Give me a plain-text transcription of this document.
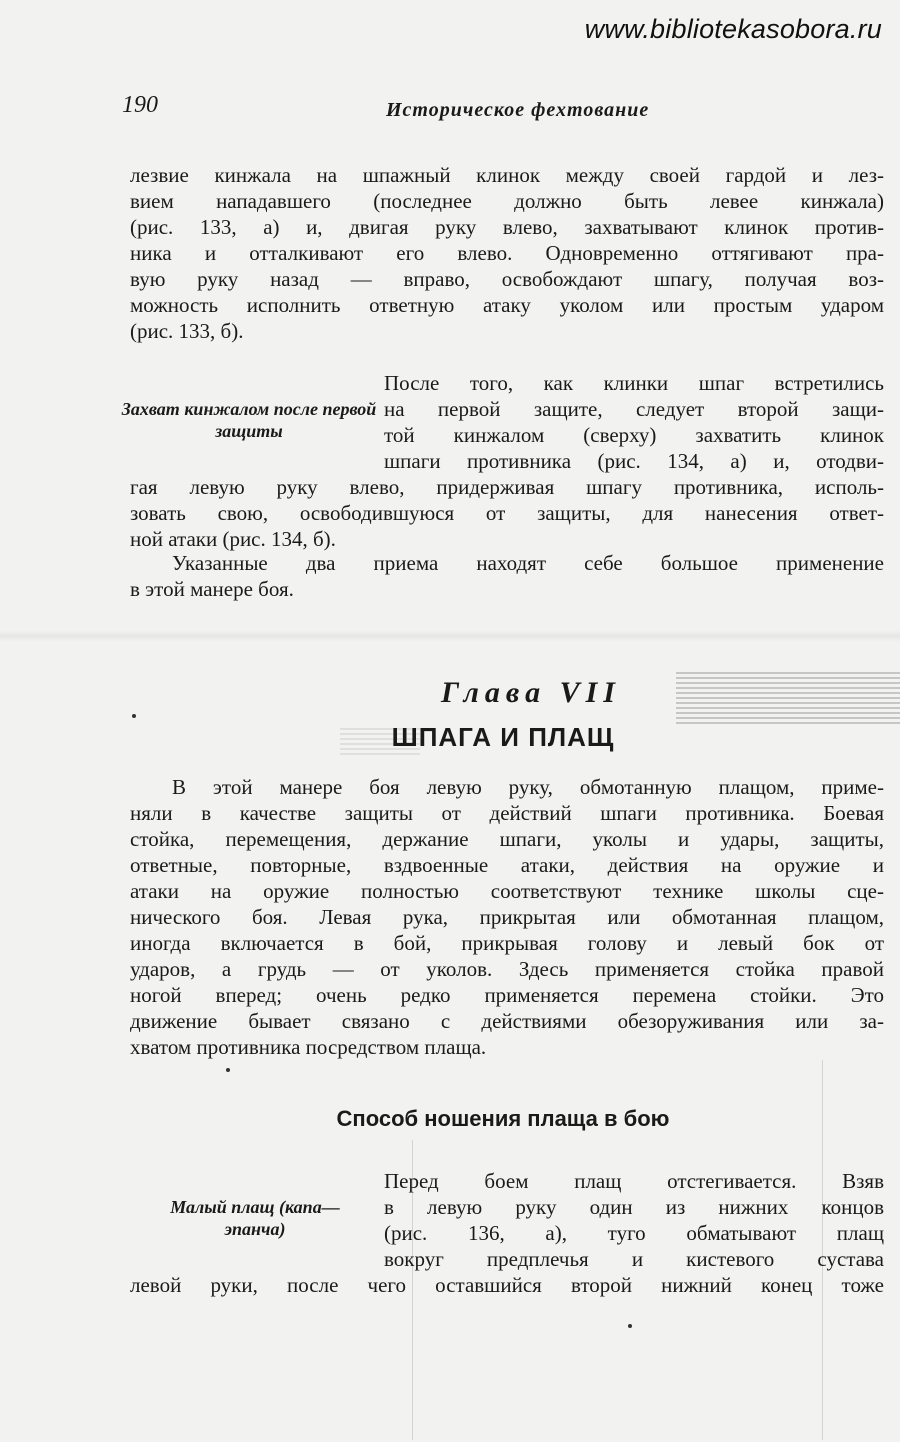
www.bibliotekasobora.ru
190	Историческое фехтование
лезвие кинжала на шпажный клинок между своей гардой и лез-
вием нападавшего (последнее должно быть левее кинжала)
(рис. 133, а) и, двигая руку влево, захватывают клинок против-
ника и отталкивают его влево. Одновременно оттягивают пра-
вую руку назад — вправо, освобождают шпагу, получая воз-
можность исполнить ответную атаку уколом или простым ударом
(рис. 133, б).
Захват кинжалом после первой защиты
После того, как клинки шпаг встретились
на первой защите, следует второй защи-
той кинжалом (сверху) захватить клинок
шпаги противника (рис. 134, а) и, отодви-
гая левую руку влево, придерживая шпагу противника, исполь-
зовать свою, освободившуюся от защиты, для нанесения ответ-
ной атаки (рис. 134, б).
Указанные два приема находят себе большое применение
в этой манере боя.
Глава VII
ШПАГА И ПЛАЩ
В этой манере боя левую руку, обмотанную плащом, приме-
няли в качестве защиты от действий шпаги противника. Боевая
стойка, перемещения, держание шпаги, уколы и удары, защиты,
ответные, повторные, вздвоенные атаки, действия на оружие и
атаки на оружие полностью соответствуют технике школы сце-
нического боя. Левая рука, прикрытая или обмотанная плащом,
иногда включается в бой, прикрывая голову и левый бок от
ударов, а грудь — от уколов. Здесь применяется стойка правой
ногой вперед; очень редко применяется перемена стойки. Это
движение бывает связано с действиями обезоруживания или за-
хватом противника посредством плаща.
Способ ношения плаща в бою
Малый плащ (капа—эпанча)
Перед боем плащ отстегивается. Взяв
в левую руку один из нижних концов
(рис. 136, а), туго обматывают плащ
вокруг предплечья и кистевого сустава
левой руки, после чего оставшийся второй нижний конец тоже
